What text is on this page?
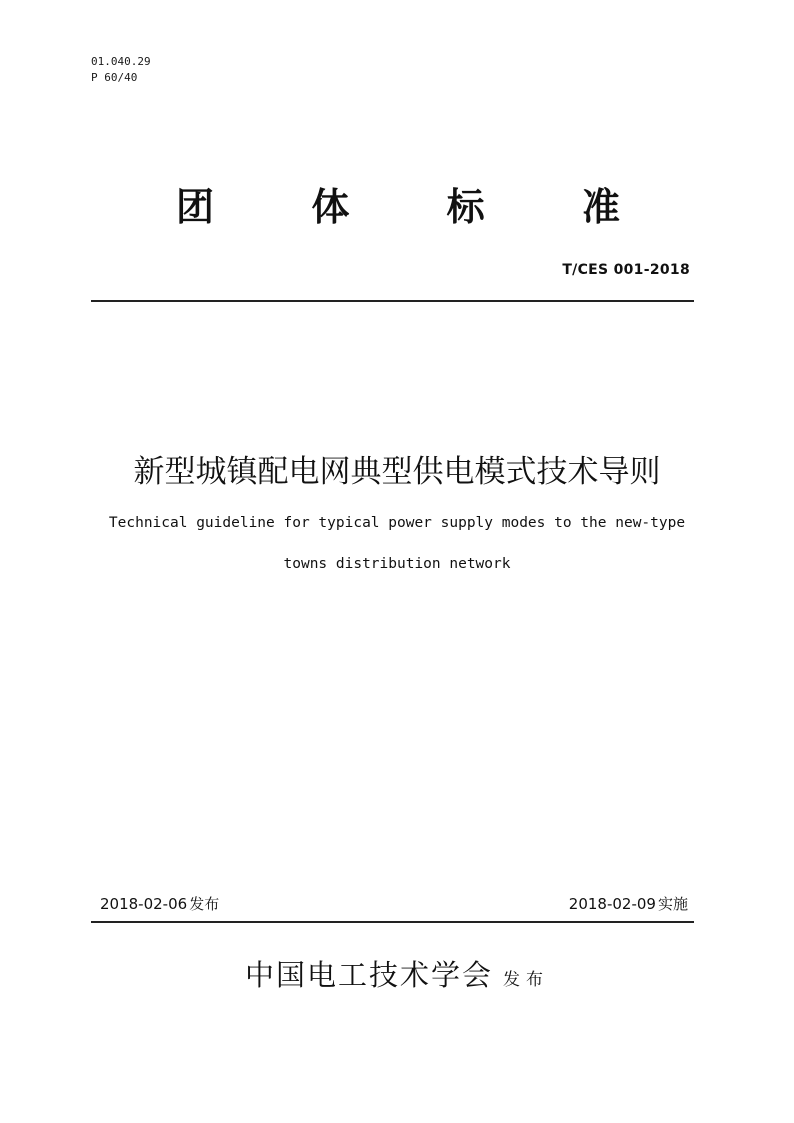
01.040.29
P 60/40
团	体	标	准
T/CES 001-2018
新型城镇配电网典型供电模式技术导则
Technical guideline for typical power supply modes to the new-type
towns distribution network
2018-02-06 发布	2018-02-09 实施
中国电工技术学会 发布
